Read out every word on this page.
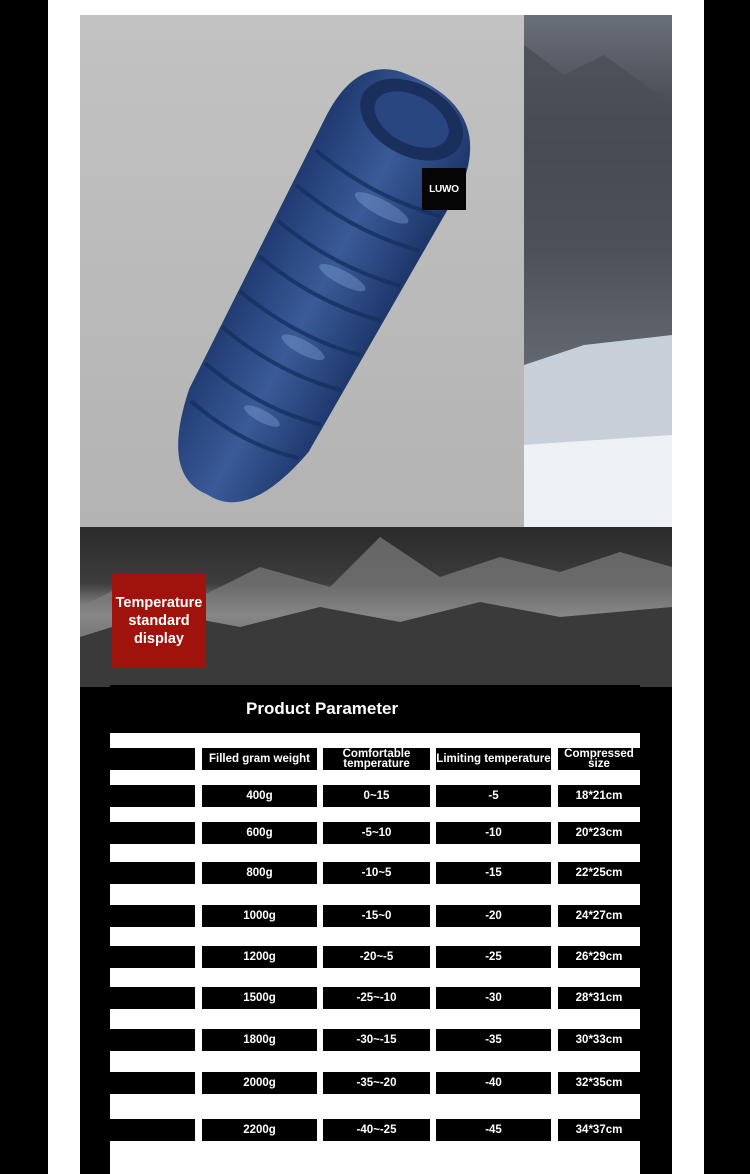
LUWO
Temperature
standard
display
Product Parameter
Filled gram weight	Comfortable temperature	Limiting temperature	Compressed size
400g	0~15	-5	18*21cm
600g	-5~10	-10	20*23cm
800g	-10~5	-15	22*25cm
1000g	-15~0	-20	24*27cm
1200g	-20~-5	-25	26*29cm
1500g	-25~-10	-30	28*31cm
1800g	-30~-15	-35	30*33cm
2000g	-35~-20	-40	32*35cm
2200g	-40~-25	-45	34*37cm
